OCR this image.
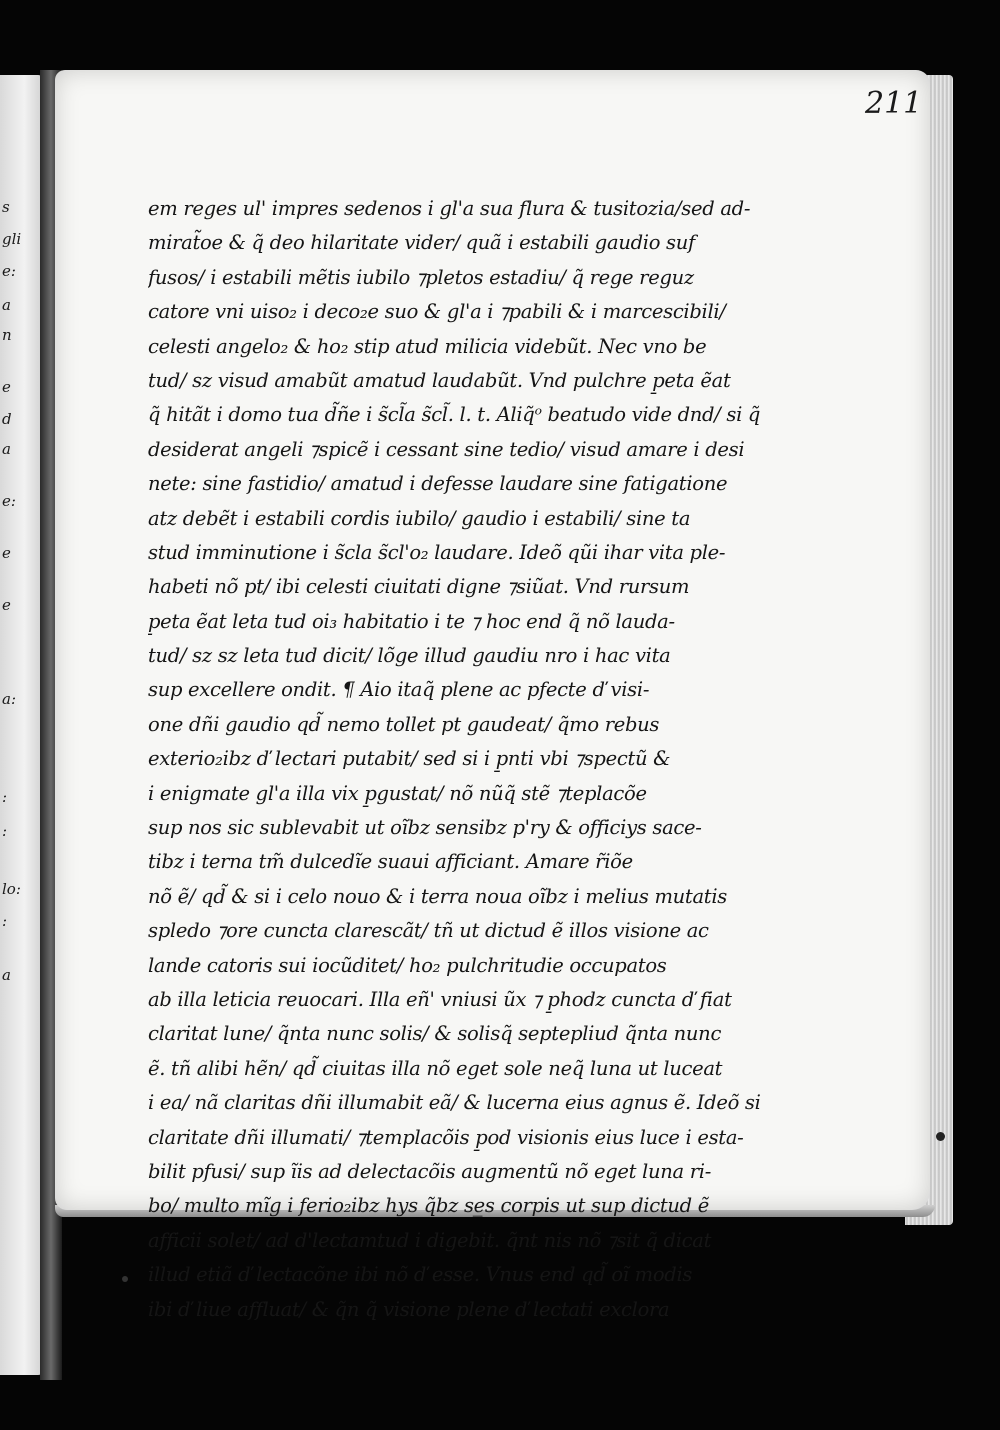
s
gli
e:
a
n
e
d
a
e:
e
e
a:
:
:
lo:
:
a
211
em reges ul' impres sedenos i gl'a sua flura & tusitozia/sed ad-
mirat̃oe & q̃ deo hilaritate vider/ quã i estabili gaudio suf
fusos/ i estabili mẽtis iubilo ⁊pletos estadiu/ q̃ rege reguz
catore vni uiso₂ i deco₂e suo & gl'a i ⁊pabili & i marcescibili/
celesti angelo₂ & ho₂ stip atud milicia videbũt. Nec vno be
tud/ sz visud amabũt amatud laudabũt. Vnd pulchre p̱eta ẽat
q̃ hitãt i domo tua d̃ñe i s̃cl̃a s̃cl̃. l. t. Aliq̃ᵒ beatudo vide dnd/ si q̃
desiderat angeli ⁊spicẽ i cessant sine tedio/ visud amare i desi
nete: sine fastidio/ amatud i defesse laudare sine fatigatione
atz debẽt i estabili cordis iubilo/ gaudio i estabili/ sine ta
stud imminutione i s̃cla s̃cl'o₂ laudare. Ideõ qũi ihar vita ple-
habeti nõ pt/ ibi celesti ciuitati digne ⁊siũat. Vnd rursum
p̱eta ẽat leta tud oi₃ habitatio i te ⁊ hoc end q̃ nõ lauda-
tud/ sz sz leta tud dicit/ lõge illud gaudiu nro i hac vita
sup excellere ondit. ¶ Aio itaq̃ plene ac pfecte ď visi-
one dñi gaudio qd̃ nemo tollet pt gaudeat/ q̃mo rebus
exterio₂ibz ď lectari putabit/ sed si i p̱nti vbi ⁊spectũ &
i enigmate gl'a illa vix p̱gustat/ nõ nũq̃ stẽ ⁊teplacõe
sup nos sic sublevabit ut oĩbz sensibz p'ry & officiys sace-
tibz i terna tm̃ dulcedĩe suaui afficiant. Amare r̃iõe
nõ ẽ/ qd̃ & si i celo nouo & i terra noua oĩbz i melius mutatis
spledo ⁊ore cuncta clarescãt/ tñ ut dictud ẽ illos visione ac
lande catoris sui iocũditet/ ho₂ pulchritudie occupatos
ab illa leticia reuocari. Illa eñ' vniusi ũx ⁊ p̱hodz cuncta ď fiat
claritat lune/ q̃nta nunc solis/ & solisq̃ septepliud q̃nta nunc
ẽ. tñ alibi hẽn/ qd̃ ciuitas illa nõ eget sole neq̃ luna ut luceat
i ea/ nã claritas dñi illumabit eã/ & lucerna eius agnus ẽ. Ideõ si
claritate dñi illumati/ ⁊templacõis p̱od visionis eius luce i esta-
bilit pfusi/ sup ĩis ad delectacõis augmentũ nõ eget luna ri-
bo/ multo mĩg i ferio₂ibz hys q̃bz se̲s corpis ut sup dictud ẽ
afficii solet/ ad d'lectamtud i digebit. q̃nt nis nõ ⁊sit q̃ dicat
illud etiã ď lectacõne ibi nõ ď esse. Vnus end qd̃ oĩ modis
ibi ď liue affluat/ & q̃n q̃ visione plene ď lectati exclora
